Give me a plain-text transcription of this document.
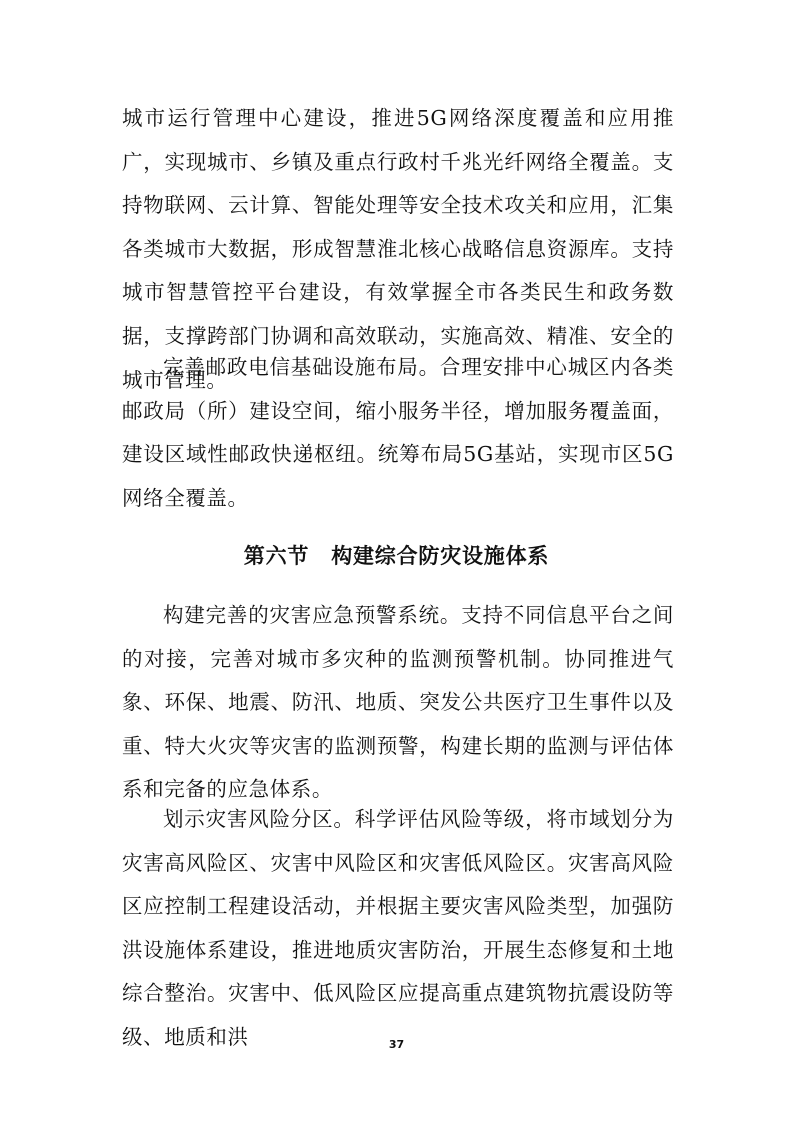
城市运行管理中心建设，推进5G网络深度覆盖和应用推广，实现城市、乡镇及重点行政村千兆光纤网络全覆盖。支持物联网、云计算、智能处理等安全技术攻关和应用，汇集各类城市大数据，形成智慧淮北核心战略信息资源库。支持城市智慧管控平台建设，有效掌握全市各类民生和政务数据，支撑跨部门协调和高效联动，实施高效、精准、安全的城市管理。

完善邮政电信基础设施布局。合理安排中心城区内各类邮政局（所）建设空间，缩小服务半径，增加服务覆盖面，建设区域性邮政快递枢纽。统筹布局5G基站，实现市区5G网络全覆盖。

第六节 构建综合防灾设施体系

构建完善的灾害应急预警系统。支持不同信息平台之间的对接，完善对城市多灾种的监测预警机制。协同推进气象、环保、地震、防汛、地质、突发公共医疗卫生事件以及重、特大火灾等灾害的监测预警，构建长期的监测与评估体系和完备的应急体系。

划示灾害风险分区。科学评估风险等级，将市域划分为灾害高风险区、灾害中风险区和灾害低风险区。灾害高风险区应控制工程建设活动，并根据主要灾害风险类型，加强防洪设施体系建设，推进地质灾害防治，开展生态修复和土地综合整治。灾害中、低风险区应提高重点建筑物抗震设防等级、地质和洪	37
